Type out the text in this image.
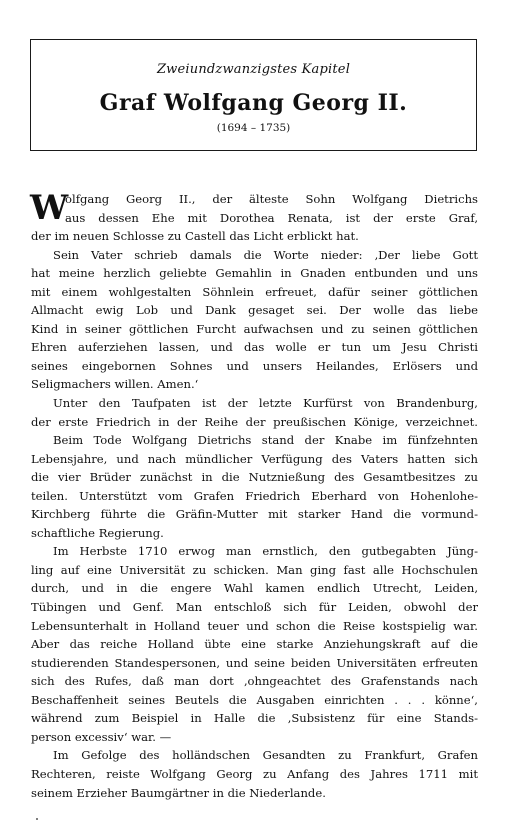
Zweiundzwanzigstes Kapitel
Graf Wolfgang Georg II.
(1694 – 1735)
W
olfgang Georg II., der älteste Sohn Wolfgang Dietrichs
aus dessen Ehe mit Dorothea Renata, ist der erste Graf,
der im neuen Schlosse zu Castell das Licht erblickt hat.
Sein Vater schrieb damals die Worte nieder: ‚Der liebe Gott
hat meine herzlich geliebte Gemahlin in Gnaden entbunden und uns
mit einem wohlgestalten Söhnlein erfreuet, dafür seiner göttlichen
Allmacht ewig Lob und Dank gesaget sei. Der wolle das liebe
Kind in seiner göttlichen Furcht aufwachsen und zu seinen göttlichen
Ehren auferziehen lassen, und das wolle er tun um Jesu Christi
seines eingebornen Sohnes und unsers Heilandes, Erlösers und
Seligmachers willen. Amen.‘
Unter den Taufpaten ist der letzte Kurfürst von Brandenburg,
der erste Friedrich in der Reihe der preußischen Könige, verzeichnet.
Beim Tode Wolfgang Dietrichs stand der Knabe im fünfzehnten
Lebensjahre, und nach mündlicher Verfügung des Vaters hatten sich
die vier Brüder zunächst in die Nutznießung des Gesamtbesitzes zu
teilen. Unterstützt vom Grafen Friedrich Eberhard von Hohenlohe-
Kirchberg führte die Gräfin-Mutter mit starker Hand die vormund-
schaftliche Regierung.
Im Herbste 1710 erwog man ernstlich, den gutbegabten Jüng-
ling auf eine Universität zu schicken. Man ging fast alle Hochschulen
durch, und in die engere Wahl kamen endlich Utrecht, Leiden,
Tübingen und Genf. Man entschloß sich für Leiden, obwohl der
Lebensunterhalt in Holland teuer und schon die Reise kostspielig war.
Aber das reiche Holland übte eine starke Anziehungskraft auf die
studierenden Standespersonen, und seine beiden Universitäten erfreuten
sich des Rufes, daß man dort ‚ohngeachtet des Grafenstands nach
Beschaffenheit seines Beutels die Ausgaben einrichten . . . könne‘,
während zum Beispiel in Halle die ‚Subsistenz für eine Stands-
person excessiv‘ war. —
Im Gefolge des holländschen Gesandten zu Frankfurt, Grafen
Rechteren, reiste Wolfgang Georg zu Anfang des Jahres 1711 mit
seinem Erzieher Baumgärtner in die Niederlande.
